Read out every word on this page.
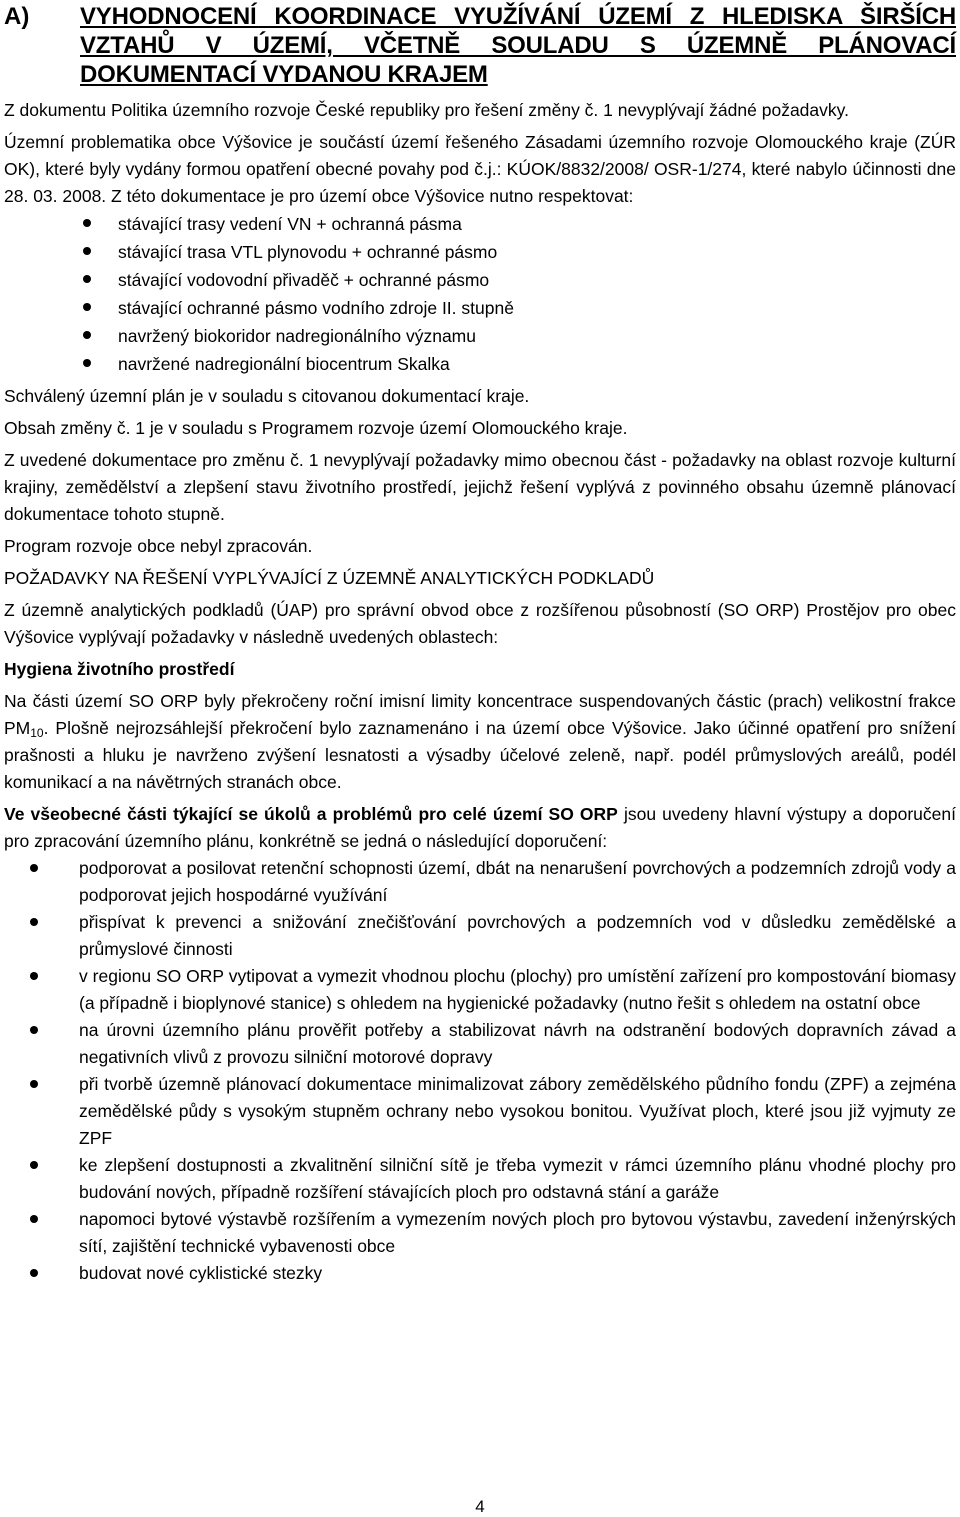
A)	VYHODNOCENÍ KOORDINACE VYUŽÍVÁNÍ ÚZEMÍ Z HLEDISKA ŠIRŠÍCH VZTAHŮ V ÚZEMÍ, VČETNĚ SOULADU S ÚZEMNĚ PLÁNOVACÍ DOKUMENTACÍ VYDANOU KRAJEM

Z dokumentu Politika územního rozvoje České republiky pro řešení změny č. 1 nevyplývají žádné požadavky.

Územní problematika obce Výšovice je součástí území řešeného Zásadami územního rozvoje Olomouckého kraje (ZÚR OK), které byly vydány formou opatření obecné povahy pod č.j.: KÚOK/8832/2008/ OSR-1/274, které nabylo účinnosti dne 28. 03. 2008. Z této dokumentace je pro území obce Výšovice nutno respektovat:

stávající trasy vedení VN + ochranná pásma
stávající trasa VTL plynovodu + ochranné pásmo
stávající vodovodní přivaděč + ochranné pásmo
stávající ochranné pásmo vodního zdroje II. stupně
navržený biokoridor nadregionálního významu
navržené nadregionální biocentrum Skalka

Schválený územní plán je v souladu s citovanou dokumentací kraje.

Obsah změny č. 1 je v souladu s Programem rozvoje území Olomouckého kraje.

Z uvedené dokumentace pro změnu č. 1 nevyplývají požadavky mimo obecnou část - požadavky na oblast rozvoje kulturní krajiny, zemědělství a zlepšení stavu životního prostředí, jejichž řešení vyplývá z povinného obsahu územně plánovací dokumentace tohoto stupně.

Program rozvoje obce nebyl zpracován.

POŽADAVKY NA ŘEŠENÍ VYPLÝVAJÍCÍ Z ÚZEMNĚ ANALYTICKÝCH PODKLADŮ

Z územně analytických podkladů (ÚAP) pro správní obvod obce z rozšířenou působností (SO ORP) Prostějov pro obec Výšovice vyplývají požadavky v následně uvedených oblastech:

Hygiena životního prostředí

Na části území SO ORP byly překročeny roční imisní limity koncentrace suspendovaných částic (prach) velikostní frakce $PM_{10}$. Plošně nejrozsáhlejší překročení bylo zaznamenáno i na území obce Výšovice. Jako účinné opatření pro snížení prašnosti a hluku je navrženo zvýšení lesnatosti a výsadby účelové zeleně, např. podél průmyslových areálů, podél komunikací a na návětrných stranách obce.

Ve všeobecné části týkající se úkolů a problémů pro celé území SO ORP jsou uvedeny hlavní výstupy a doporučení pro zpracování územního plánu, konkrétně se jedná o následující doporučení:

podporovat a posilovat retenční schopnosti území, dbát na nenarušení povrchových a podzemních zdrojů vody a podporovat jejich hospodárné využívání
přispívat k prevenci a snižování znečišťování povrchových a podzemních vod v důsledku zemědělské a průmyslové činnosti
v regionu SO ORP vytipovat a vymezit vhodnou plochu (plochy) pro umístění zařízení pro kompostování biomasy (a případně i bioplynové stanice) s ohledem na hygienické požadavky (nutno řešit s ohledem na ostatní obce
na úrovni územního plánu prověřit potřeby a stabilizovat návrh na odstranění bodových dopravních závad a negativních vlivů z provozu silniční motorové dopravy
při tvorbě územně plánovací dokumentace minimalizovat zábory zemědělského půdního fondu (ZPF) a zejména zemědělské půdy s vysokým stupněm ochrany nebo vysokou bonitou. Využívat ploch, které jsou již vyjmuty ze ZPF
ke zlepšení dostupnosti a zkvalitnění silniční sítě je třeba vymezit v rámci územního plánu vhodné plochy pro budování nových, případně rozšíření stávajících ploch pro odstavná stání a garáže
napomoci bytové výstavbě rozšířením a vymezením nových ploch pro bytovou výstavbu, zavedení inženýrských sítí, zajištění technické vybavenosti obce
budovat nové cyklistické stezky
4
